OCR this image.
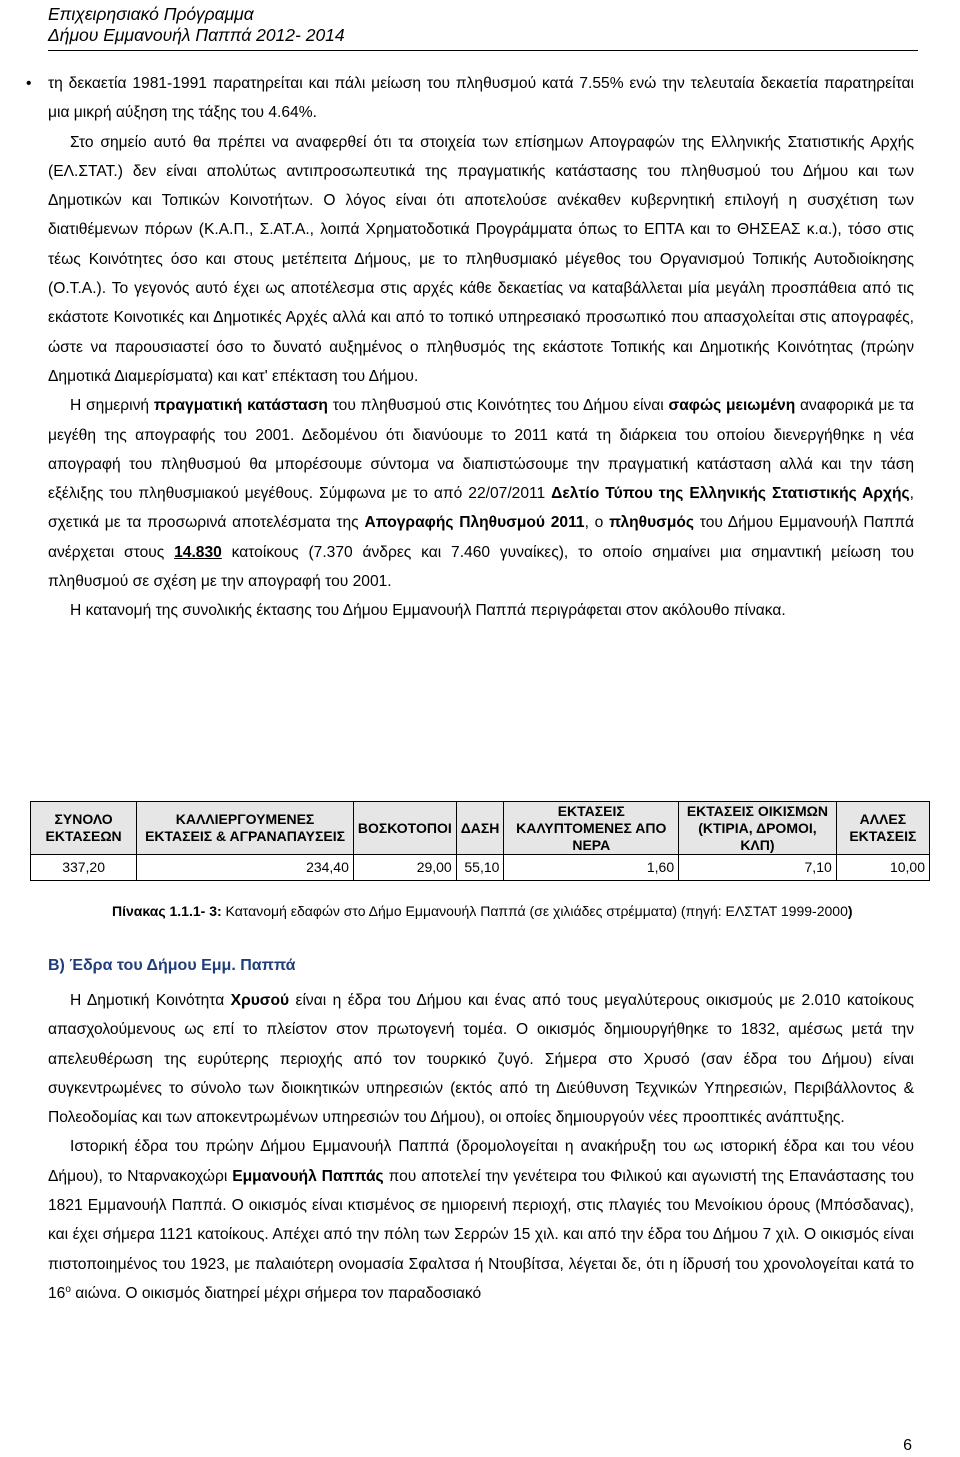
Επιχειρησιακό Πρόγραμμα
Δήμου Εμμανουήλ Παππά 2012- 2014

• τη δεκαετία 1981-1991 παρατηρείται και πάλι μείωση του πληθυσμού κατά 7.55% ενώ την τελευταία δεκαετία παρατηρείται μια μικρή αύξηση της τάξης του 4.64%.

Στο σημείο αυτό θα πρέπει να αναφερθεί ότι τα στοιχεία των επίσημων Απογραφών της Ελληνικής Στατιστικής Αρχής (ΕΛ.ΣΤΑΤ.) δεν είναι απολύτως αντιπροσωπευτικά της πραγματικής κατάστασης του πληθυσμού του Δήμου και των Δημοτικών και Τοπικών Κοινοτήτων. Ο λόγος είναι ότι αποτελούσε ανέκαθεν κυβερνητική επιλογή η συσχέτιση των διατιθέμενων πόρων (Κ.Α.Π., Σ.ΑΤ.Α., λοιπά Χρηματοδοτικά Προγράμματα όπως το ΕΠΤΑ και το ΘΗΣΕΑΣ κ.α.), τόσο στις τέως Κοινότητες όσο και στους μετέπειτα Δήμους, με το πληθυσμιακό μέγεθος του Οργανισμού Τοπικής Αυτοδιοίκησης (Ο.Τ.Α.). Το γεγονός αυτό έχει ως αποτέλεσμα στις αρχές κάθε δεκαετίας να καταβάλλεται μία μεγάλη προσπάθεια από τις εκάστοτε Κοινοτικές και Δημοτικές Αρχές αλλά και από το τοπικό υπηρεσιακό προσωπικό που απασχολείται στις απογραφές, ώστε να παρουσιαστεί όσο το δυνατό αυξημένος ο πληθυσμός της εκάστοτε Τοπικής και Δημοτικής Κοινότητας (πρώην Δημοτικά Διαμερίσματα) και κατ' επέκταση του Δήμου.

Η σημερινή πραγματική κατάσταση του πληθυσμού στις Κοινότητες του Δήμου είναι σαφώς μειωμένη αναφορικά με τα μεγέθη της απογραφής του 2001. Δεδομένου ότι διανύουμε το 2011 κατά τη διάρκεια του οποίου διενεργήθηκε η νέα απογραφή του πληθυσμού θα μπορέσουμε σύντομα να διαπιστώσουμε την πραγματική κατάσταση αλλά και την τάση εξέλιξης του πληθυσμιακού μεγέθους. Σύμφωνα με το από 22/07/2011 Δελτίο Τύπου της Ελληνικής Στατιστικής Αρχής, σχετικά με τα προσωρινά αποτελέσματα της Απογραφής Πληθυσμού 2011, ο πληθυσμός του Δήμου Εμμανουήλ Παππά ανέρχεται στους 14.830 κατοίκους (7.370 άνδρες και 7.460 γυναίκες), το οποίο σημαίνει μια σημαντική μείωση του πληθυσμού σε σχέση με την απογραφή του 2001.

Η κατανομή της συνολικής έκτασης του Δήμου Εμμανουήλ Παππά περιγράφεται στον ακόλουθο πίνακα.

ΣΥΝΟΛΟ ΕΚΤΑΣΕΩΝ	ΚΑΛΛΙΕΡΓΟΥΜΕΝΕΣ ΕΚΤΑΣΕΙΣ & ΑΓΡΑΝΑΠΑΥΣΕΙΣ	ΒΟΣΚΟΤΟΠΟΙ	ΔΑΣΗ	ΕΚΤΑΣΕΙΣ ΚΑΛΥΠΤΟΜΕΝΕΣ ΑΠΟ ΝΕΡΑ	ΕΚΤΑΣΕΙΣ ΟΙΚΙΣΜΩΝ (ΚΤΙΡΙΑ, ΔΡΟΜΟΙ, ΚΛΠ)	ΑΛΛΕΣ ΕΚΤΑΣΕΙΣ
337,20	234,40	29,00	55,10	1,60	7,10	10,00
Πίνακας 1.1.1- 3: Κατανομή εδαφών στο Δήμο Εμμανουήλ Παππά (σε χιλιάδες στρέμματα) (πηγή: ΕΛΣΤΑΤ 1999-2000)
Β) Έδρα του Δήμου Εμμ. Παππά

Η Δημοτική Κοινότητα Χρυσού είναι η έδρα του Δήμου και ένας από τους μεγαλύτερους οικισμούς με 2.010 κατοίκους απασχολούμενους ως επί το πλείστον στον πρωτογενή τομέα. Ο οικισμός δημιουργήθηκε το 1832, αμέσως μετά την απελευθέρωση της ευρύτερης περιοχής από τον τουρκικό ζυγό. Σήμερα στο Χρυσό (σαν έδρα του Δήμου) είναι συγκεντρωμένες το σύνολο των διοικητικών υπηρεσιών (εκτός από τη Διεύθυνση Τεχνικών Υπηρεσιών, Περιβάλλοντος & Πολεοδομίας και των αποκεντρωμένων υπηρεσιών του Δήμου), οι οποίες δημιουργούν νέες προοπτικές ανάπτυξης.

Ιστορική έδρα του πρώην Δήμου Εμμανουήλ Παππά (δρομολογείται η ανακήρυξη του ως ιστορική έδρα και του νέου Δήμου), το Νταρνακοχώρι Εμμανουήλ Παππάς που αποτελεί την γενέτειρα του Φιλικού και αγωνιστή της Επανάστασης του 1821 Εμμανουήλ Παππά. Ο οικισμός είναι κτισμένος σε ημιορεινή περιοχή, στις πλαγιές του Μενοίκιου όρους (Μπόσδανας), και έχει σήμερα 1121 κατοίκους. Απέχει από την πόλη των Σερρών 15 χιλ. και από την έδρα του Δήμου 7 χιλ. Ο οικισμός είναι πιστοποιημένος του 1923, με παλαιότερη ονομασία Σφαλτσα ή Ντουβίτσα, λέγεται δε, ότι η ίδρυσή του χρονολογείται κατά το $16^o$ αιώνα. Ο οικισμός διατηρεί μέχρι σήμερα τον παραδοσιακό

6
